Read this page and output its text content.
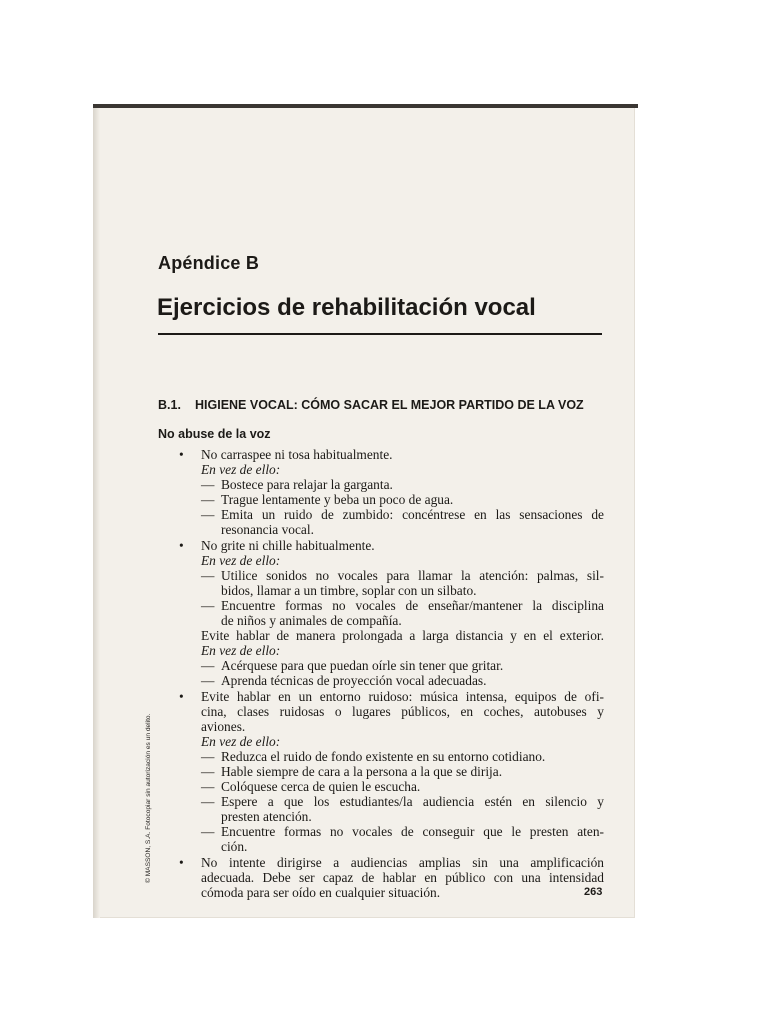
Apéndice B
Ejercicios de rehabilitación vocal
B.1. HIGIENE VOCAL: CÓMO SACAR EL MEJOR PARTIDO DE LA VOZ
No abuse de la voz
• No carraspee ni tosa habitualmente.
En vez de ello:
— Bostece para relajar la garganta.
— Trague lentamente y beba un poco de agua.
— Emita un ruido de zumbido: concéntrese en las sensaciones de
resonancia vocal.
• No grite ni chille habitualmente.
En vez de ello:
— Utilice sonidos no vocales para llamar la atención: palmas, sil-
bidos, llamar a un timbre, soplar con un silbato.
— Encuentre formas no vocales de enseñar/mantener la disciplina
de niños y animales de compañía.
Evite hablar de manera prolongada a larga distancia y en el exterior.
En vez de ello:
— Acérquese para que puedan oírle sin tener que gritar.
— Aprenda técnicas de proyección vocal adecuadas.
• Evite hablar en un entorno ruidoso: música intensa, equipos de ofi-
cina, clases ruidosas o lugares públicos, en coches, autobuses y
aviones.
En vez de ello:
— Reduzca el ruido de fondo existente en su entorno cotidiano.
— Hable siempre de cara a la persona a la que se dirija.
— Colóquese cerca de quien le escucha.
— Espere a que los estudiantes/la audiencia estén en silencio y
presten atención.
— Encuentre formas no vocales de conseguir que le presten aten-
ción.
• No intente dirigirse a audiencias amplias sin una amplificación
adecuada. Debe ser capaz de hablar en público con una intensidad
cómoda para ser oído en cualquier situación.	263
© MASSON, S.A. Fotocopiar sin autorización es un delito.
